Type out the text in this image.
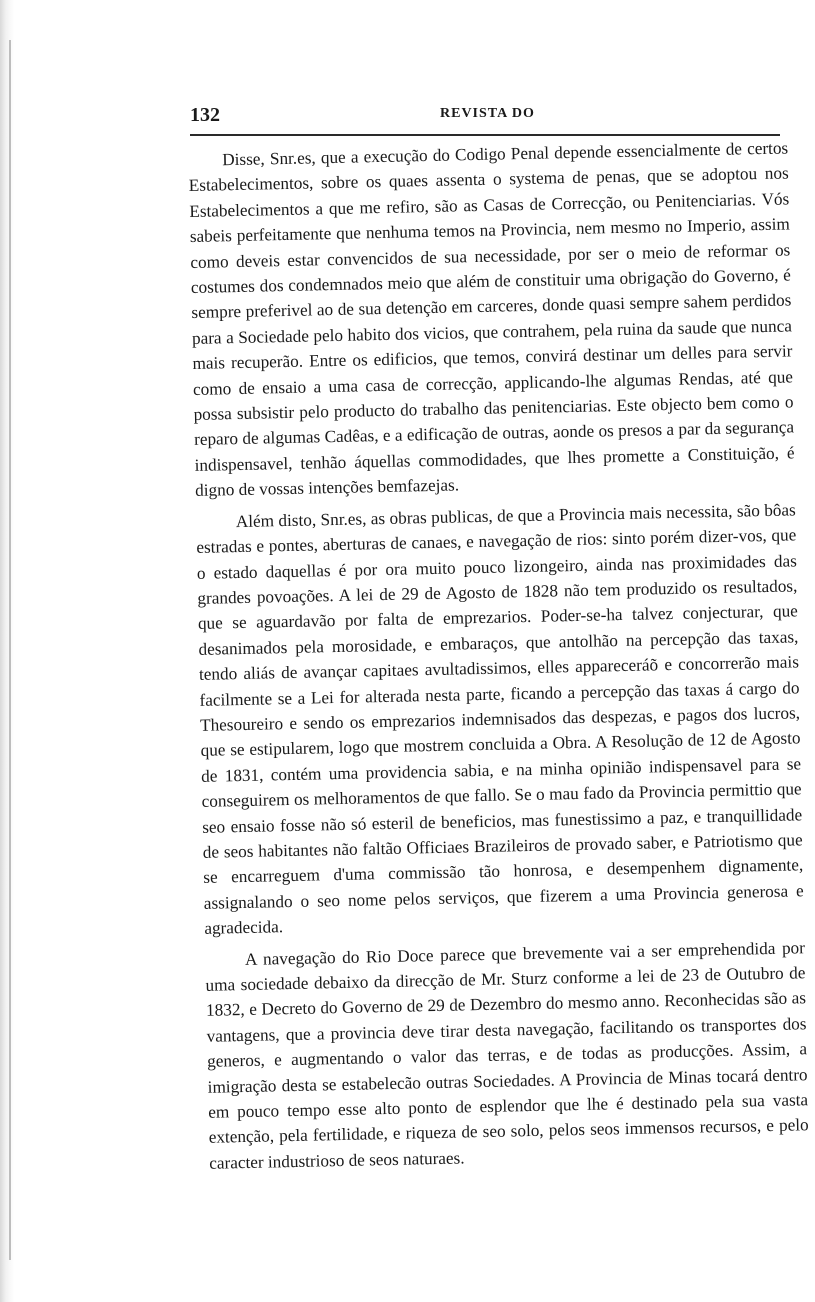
132	REVISTA DO

Disse, Snr.es, que a execução do Codigo Penal depende essencialmente de certos Estabelecimentos, sobre os quaes assenta o systema de penas, que se adoptou nos Estabelecimentos a que me refiro, são as Casas de Correcção, ou Penitenciarias. Vós sabeis perfeitamente que nenhuma temos na Provincia, nem mesmo no Imperio, assim como deveis estar convencidos de sua necessidade, por ser o meio de reformar os costumes dos condemnados meio que além de constituir uma obrigação do Governo, é sempre preferivel ao de sua detenção em carceres, donde quasi sempre sahem perdidos para a Sociedade pelo habito dos vicios, que contrahem, pela ruina da saude que nunca mais recuperão. Entre os edificios, que temos, convirá destinar um delles para servir como de ensaio a uma casa de correcção, applicando-lhe algumas Rendas, até que possa subsistir pelo producto do trabalho das penitenciarias. Este objecto bem como o reparo de algumas Cadêas, e a edificação de outras, aonde os presos a par da segurança indispensavel, tenhão áquellas commodidades, que lhes promette a Constituição, é digno de vossas intenções bemfazejas.

Além disto, Snr.es, as obras publicas, de que a Provincia mais necessita, são bôas estradas e pontes, aberturas de canaes, e navegação de rios: sinto porém dizer-vos, que o estado daquellas é por ora muito pouco lizongeiro, ainda nas proximidades das grandes povoações. A lei de 29 de Agosto de 1828 não tem produzido os resultados, que se aguardavão por falta de emprezarios. Poder-se-ha talvez conjecturar, que desanimados pela morosidade, e embaraços, que antolhão na percepção das taxas, tendo aliás de avançar capitaes avultadissimos, elles appareceráõ e concorrerão mais facilmente se a Lei for alterada nesta parte, ficando a percepção das taxas á cargo do Thesoureiro e sendo os emprezarios indemnisados das despezas, e pagos dos lucros, que se estipularem, logo que mostrem concluida a Obra. A Resolução de 12 de Agosto de 1831, contém uma providencia sabia, e na minha opinião indispensavel para se conseguirem os melhoramentos de que fallo. Se o mau fado da Provincia permittio que seo ensaio fosse não só esteril de beneficios, mas funestissimo a paz, e tranquillidade de seos habitantes não faltão Officiaes Brazileiros de provado saber, e Patriotismo que se encarreguem d'uma commissão tão honrosa, e desempenhem dignamente, assignalando o seo nome pelos serviços, que fizerem a uma Provincia generosa e agradecida.

A navegação do Rio Doce parece que brevemente vai a ser emprehendida por uma sociedade debaixo da direcção de Mr. Sturz conforme a lei de 23 de Outubro de 1832, e Decreto do Governo de 29 de Dezembro do mesmo anno. Reconhecidas são as vantagens, que a provincia deve tirar desta navegação, facilitando os transportes dos generos, e augmentando o valor das terras, e de todas as producções. Assim, a imigração desta se estabelecão outras Sociedades. A Provincia de Minas tocará dentro em pouco tempo esse alto ponto de esplendor que lhe é destinado pela sua vasta extenção, pela fertilidade, e riqueza de seo solo, pelos seos immensos recursos, e pelo caracter industrioso de seos naturaes.
